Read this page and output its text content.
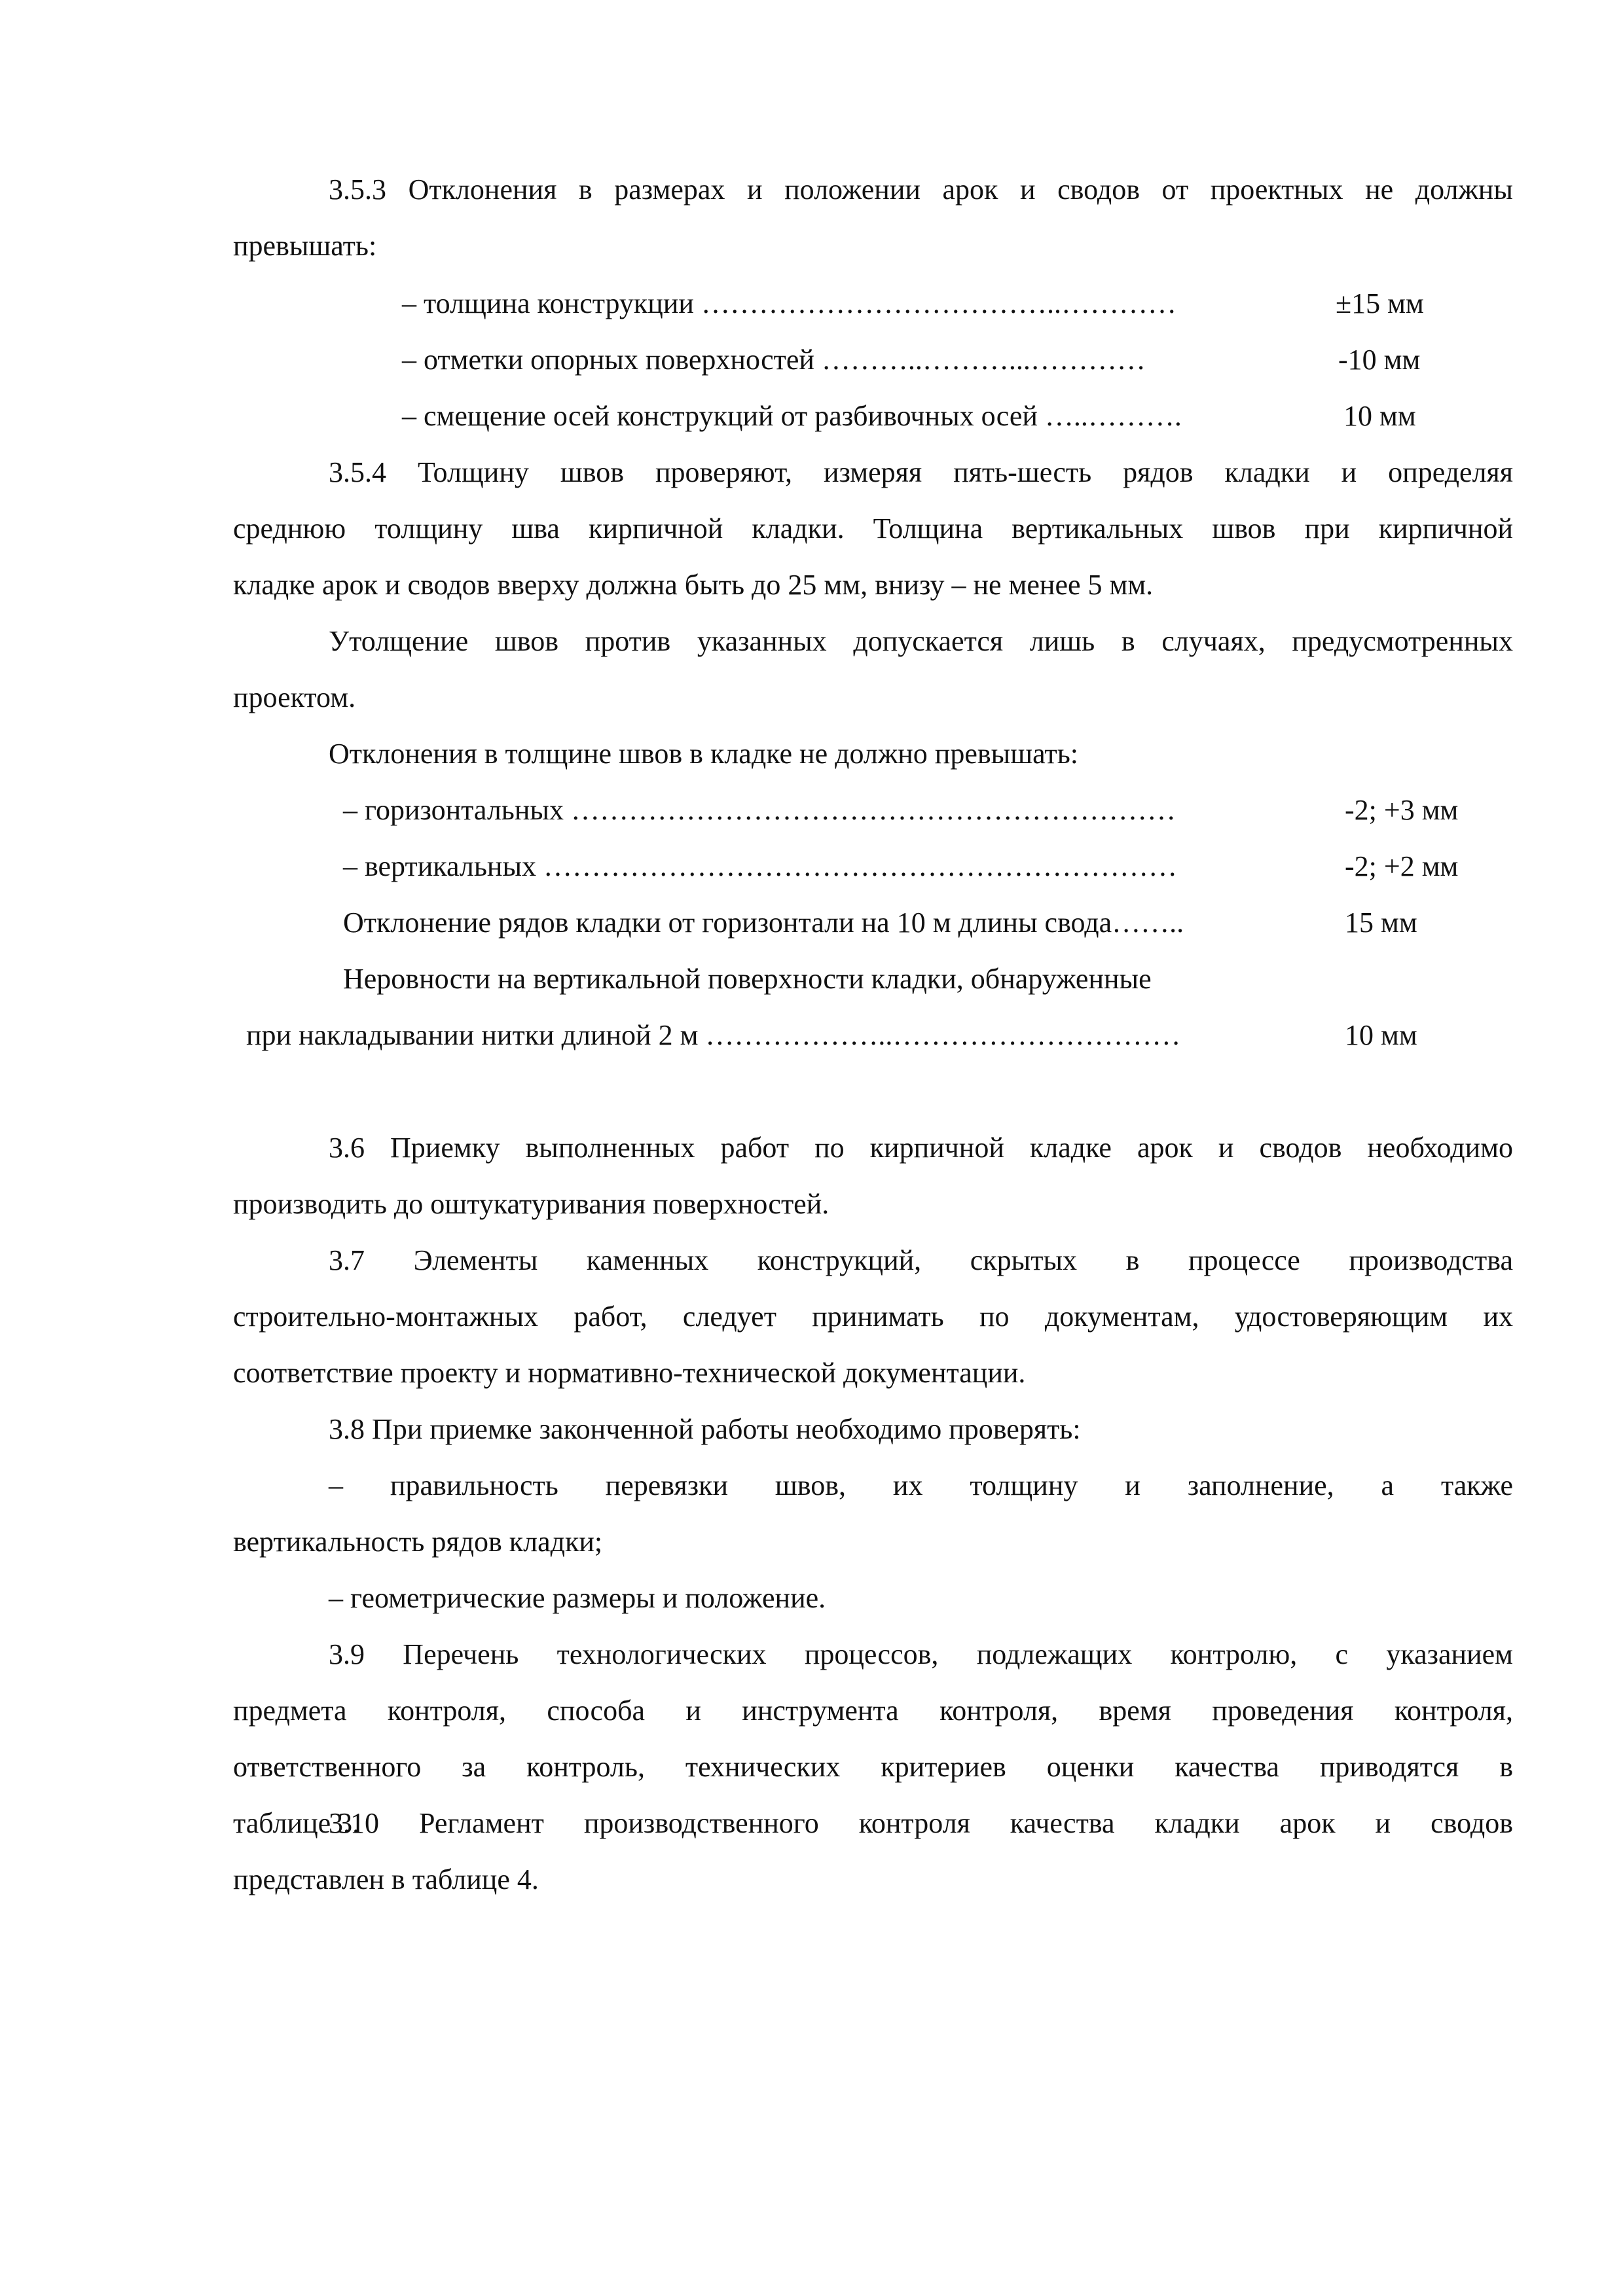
3.5.3 Отклонения в размерах и положении арок и сводов от проектных не должны
превышать:
– толщина конструкции ………………………………..…………	±15 мм
– отметки опорных поверхностей ………..………...…………	-10 мм
– смещение осей конструкций от разбивочных осей …..……….	10 мм
3.5.4 Толщину швов проверяют, измеряя пять-шесть рядов кладки и определяя
среднюю толщину шва кирпичной кладки. Толщина вертикальных швов при кирпичной
кладке арок и сводов вверху должна быть до 25 мм, внизу – не менее 5 мм.
Утолщение швов против указанных допускается лишь в случаях, предусмотренных
проектом.
Отклонения в толщине швов в кладке не должно превышать:
– горизонтальных ………………………………………………………	-2; +3 мм
– вертикальных …………………………………………………………	-2; +2 мм
Отклонение рядов кладки от горизонтали на 10 м длины свода……..	15 мм
Неровности на вертикальной поверхности кладки, обнаруженные
при накладывании нитки длиной 2 м ………………..…………………………	10 мм
3.6 Приемку выполненных работ по кирпичной кладке арок и сводов необходимо
производить до оштукатуривания поверхностей.
3.7 Элементы каменных конструкций, скрытых в процессе производства
строительно-монтажных работ, следует принимать по документам, удостоверяющим их
соответствие проекту и нормативно-технической документации.
3.8 При приемке законченной работы необходимо проверять:
– правильность перевязки швов, их толщину и заполнение, а также
вертикальность рядов кладки;
– геометрические размеры и положение.
3.9 Перечень технологических процессов, подлежащих контролю, с указанием
предмета контроля, способа и инструмента контроля, время проведения контроля,
ответственного за контроль, технических критериев оценки качества приводятся в
таблице 3.
3.10 Регламент производственного контроля качества кладки арок и сводов
представлен в таблице 4.
